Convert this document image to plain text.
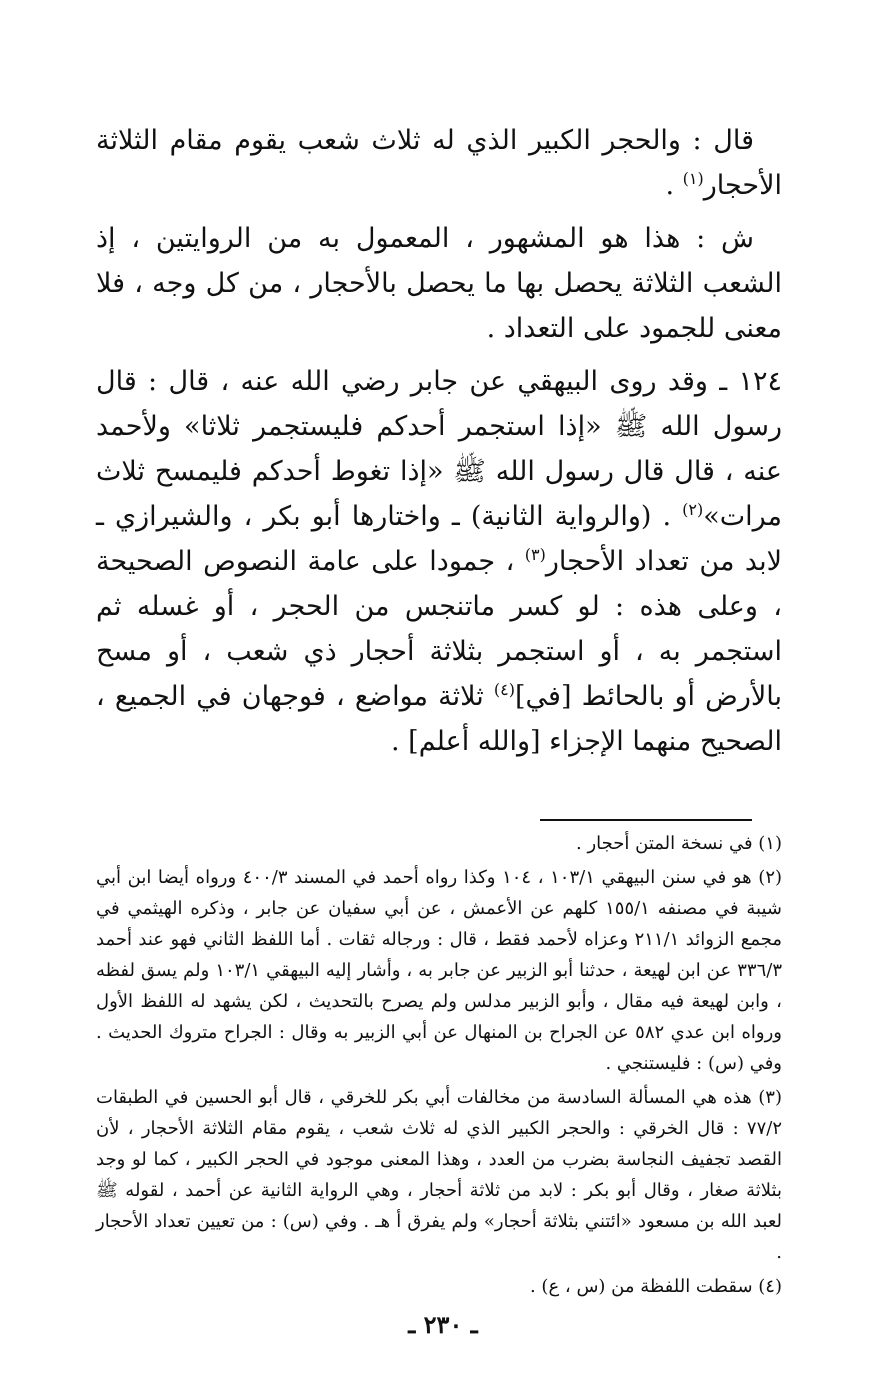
قال : والحجر الكبير الذي له ثلاث شعب يقوم مقام الثلاثة الأحجار$^{(١)}$ .

ش : هذا هو المشهور ، المعمول به من الروايتين ، إذ الشعب الثلاثة يحصل بها ما يحصل بالأحجار ، من كل وجه ، فلا معنى للجمود على التعداد .

١٢٤ ـ وقد روى البيهقي عن جابر رضي الله عنه ، قال : قال رسول الله ﷺ «إذا استجمر أحدكم فليستجمر ثلاثا» ولأحمد عنه ، قال قال رسول الله ﷺ «إذا تغوط أحدكم فليمسح ثلاث مرات»$^{(٢)}$ . (والرواية الثانية) ـ واختارها أبو بكر ، والشيرازي ـ لابد من تعداد الأحجار$^{(٣)}$ ، جمودا على عامة النصوص الصحيحة ، وعلى هذه : لو كسر ماتنجس من الحجر ، أو غسله ثم استجمر به ، أو استجمر بثلاثة أحجار ذي شعب ، أو مسح بالأرض أو بالحائط [في]$^{(٤)}$ ثلاثة مواضع ، فوجهان في الجميع ، الصحيح منهما الإجزاء [والله أعلم] .

(١) في نسخة المتن أحجار .

(٢) هو في سنن البيهقي ١٠٣/١ ، ١٠٤ وكذا رواه أحمد في المسند ٤٠٠/٣ ورواه أيضا ابن أبي شيبة في مصنفه ١٥٥/١ كلهم عن الأعمش ، عن أبي سفيان عن جابر ، وذكره الهيثمي في مجمع الزوائد ٢١١/١ وعزاه لأحمد فقط ، قال : ورجاله ثقات . أما اللفظ الثاني فهو عند أحمد ٣٣٦/٣ عن ابن لهيعة ، حدثنا أبو الزبير عن جابر به ، وأشار إليه البيهقي ١٠٣/١ ولم يسق لفظه ، وابن لهيعة فيه مقال ، وأبو الزبير مدلس ولم يصرح بالتحديث ، لكن يشهد له اللفظ الأول ورواه ابن عدي ٥٨٢ عن الجراح بن المنهال عن أبي الزبير به وقال : الجراح متروك الحديث . وفي (س) : فليستنجي .

(٣) هذه هي المسألة السادسة من مخالفات أبي بكر للخرقي ، قال أبو الحسين في الطبقات ٧٧/٢ : قال الخرقي : والحجر الكبير الذي له ثلاث شعب ، يقوم مقام الثلاثة الأحجار ، لأن القصد تجفيف النجاسة بضرب من العدد ، وهذا المعنى موجود في الحجر الكبير ، كما لو وجد بثلاثة صغار ، وقال أبو بكر : لابد من ثلاثة أحجار ، وهي الرواية الثانية عن أحمد ، لقوله ﷺ لعبد الله بن مسعود «ائتني بثلاثة أحجار» ولم يفرق أ هـ . وفي (س) : من تعيين تعداد الأحجار .

(٤) سقطت اللفظة من (س ، ع) .

ـ ٢٣٠ ـ
